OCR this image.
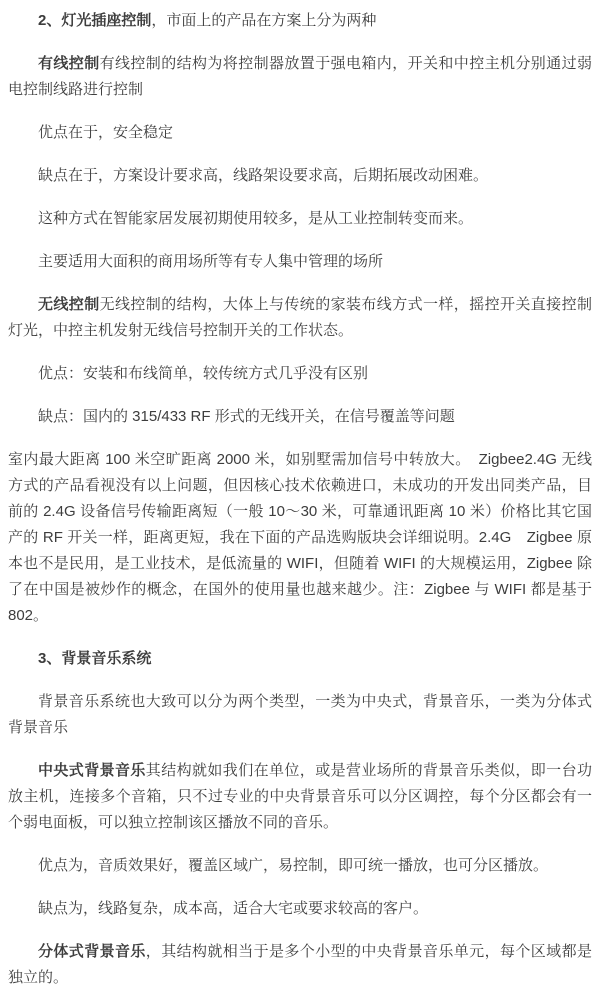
2、灯光插座控制，市面上的产品在方案上分为两种

有线控制有线控制的结构为将控制器放置于强电箱内，开关和中控主机分别通过弱电控制线路进行控制

优点在于，安全稳定

缺点在于，方案设计要求高，线路架设要求高，后期拓展改动困难。

这种方式在智能家居发展初期使用较多，是从工业控制转变而来。

主要适用大面积的商用场所等有专人集中管理的场所

无线控制无线控制的结构，大体上与传统的家装布线方式一样，摇控开关直接控制灯光，中控主机发射无线信号控制开关的工作状态。

优点：安装和布线简单，较传统方式几乎没有区别

缺点：国内的 315/433 RF 形式的无线开关，在信号覆盖等问题

室内最大距离 100 米空旷距离 2000 米，如别墅需加信号中转放大。　Zigbee2.4G 无线方式的产品看视没有以上问题，但因核心技术依赖进口，未成功的开发出同类产品，目前的 2.4G 设备信号传输距离短（一般 10～30 米，可靠通讯距离 10 米）价格比其它国产的 RF 开关一样，距离更短，我在下面的产品选购版块会详细说明。2.4G　Zigbee 原本也不是民用，是工业技术，是低流量的 WIFI，但随着 WIFI 的大规模运用，Zigbee 除了在中国是被炒作的概念，在国外的使用量也越来越少。注：Zigbee 与 WIFI 都是基于 802。

3、背景音乐系统

背景音乐系统也大致可以分为两个类型，一类为中央式，背景音乐，一类为分体式背景音乐

中央式背景音乐其结构就如我们在单位，或是营业场所的背景音乐类似，即一台功放主机，连接多个音箱，只不过专业的中央背景音乐可以分区调控，每个分区都会有一个弱电面板，可以独立控制该区播放不同的音乐。

优点为，音质效果好，覆盖区域广，易控制，即可统一播放，也可分区播放。

缺点为，线路复杂，成本高，适合大宅或要求较高的客户。

分体式背景音乐，其结构就相当于是多个小型的中央背景音乐单元，每个区域都是独立的。
